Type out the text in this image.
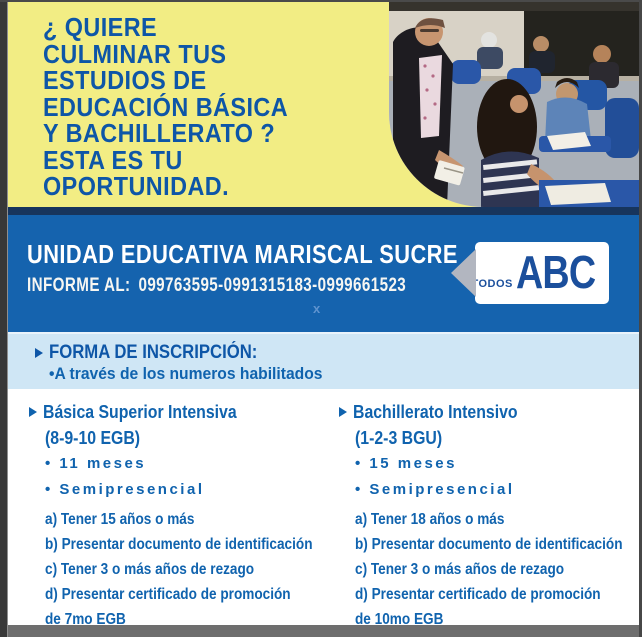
¿ QUIERE
CULMINAR TUS
ESTUDIOS DE
EDUCACIÓN BÁSICA
Y BACHILLERATO ?
ESTA ES TU
OPORTUNIDAD.
UNIDAD EDUCATIVA MARISCAL SUCRE
INFORME AL: 099763595-0991315183-0999661523	TODOS ABC
x
FORMA DE INSCRIPCIÓN:
•A través de los numeros habilitados
Básica Superior Intensiva
(8-9-10 EGB)
• 11 meses
• Semipresencial
a) Tener 15 años o más
b) Presentar documento de identificación
c) Tener 3 o más años de rezago
d) Presentar certificado de promoción
de 7mo EGB
Bachillerato Intensivo
(1-2-3 BGU)
• 15 meses
• Semipresencial
a) Tener 18 años o más
b) Presentar documento de identificación
c) Tener 3 o más años de rezago
d) Presentar certificado de promoción
de 10mo EGB
